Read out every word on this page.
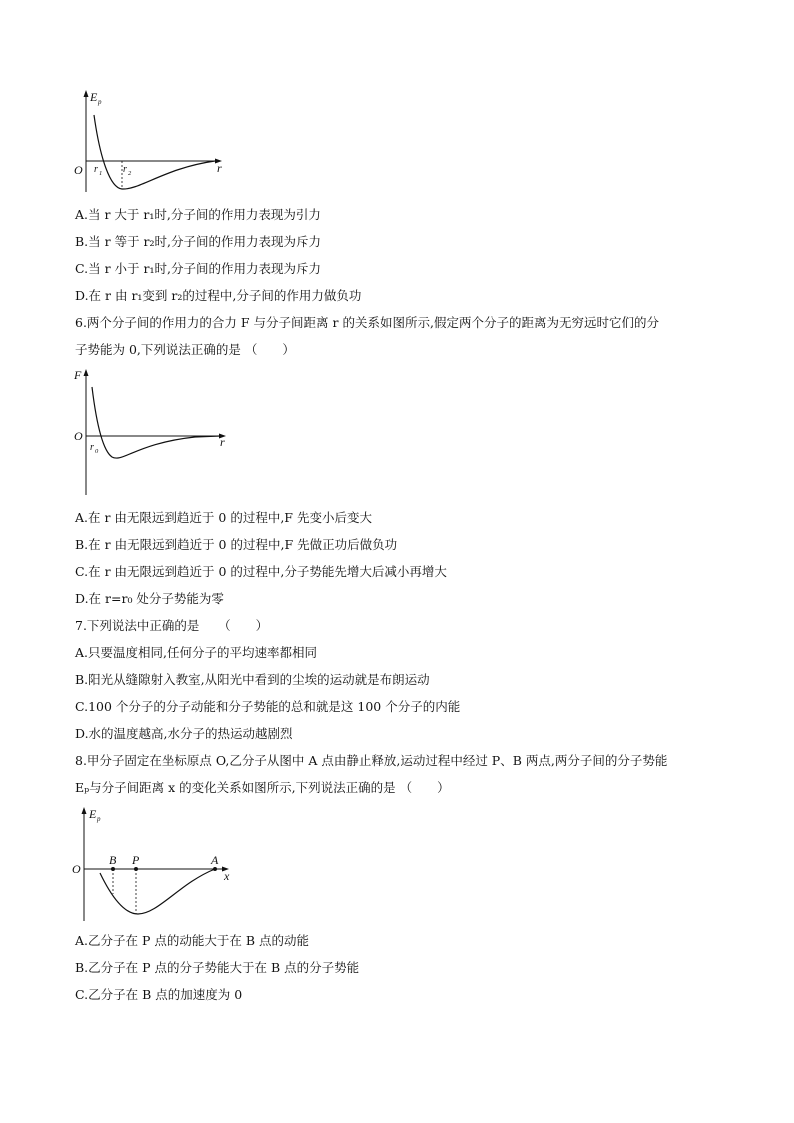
E p
r
O r 1 r 2
A.当 r 大于 r₁时,分子间的作用力表现为引力
B.当 r 等于 r₂时,分子间的作用力表现为斥力
C.当 r 小于 r₁时,分子间的作用力表现为斥力
D.在 r 由 r₁变到 r₂的过程中,分子间的作用力做负功
6.两个分子间的作用力的合力 F 与分子间距离 r 的关系如图所示,假定两个分子的距离为无穷远时它们的分
子势能为 0,下列说法正确的是 （　　）
F
r
O
r 0
A.在 r 由无限远到趋近于 0 的过程中,F 先变小后变大
B.在 r 由无限远到趋近于 0 的过程中,F 先做正功后做负功
C.在 r 由无限远到趋近于 0 的过程中,分子势能先增大后减小再增大
D.在 r=r₀ 处分子势能为零
7.下列说法中正确的是　　（　　）
A.只要温度相同,任何分子的平均速率都相同
B.阳光从缝隙射入教室,从阳光中看到的尘埃的运动就是布朗运动
C.100 个分子的分子动能和分子势能的总和就是这 100 个分子的内能
D.水的温度越高,水分子的热运动越剧烈
8.甲分子固定在坐标原点 O,乙分子从图中 A 点由静止释放,运动过程中经过 P、B 两点,两分子间的分子势能
Eₚ与分子间距离 x 的变化关系如图所示,下列说法正确的是 （　　）
E p
x
O
B P	A
A.乙分子在 P 点的动能大于在 B 点的动能
B.乙分子在 P 点的分子势能大于在 B 点的分子势能
C.乙分子在 B 点的加速度为 0
